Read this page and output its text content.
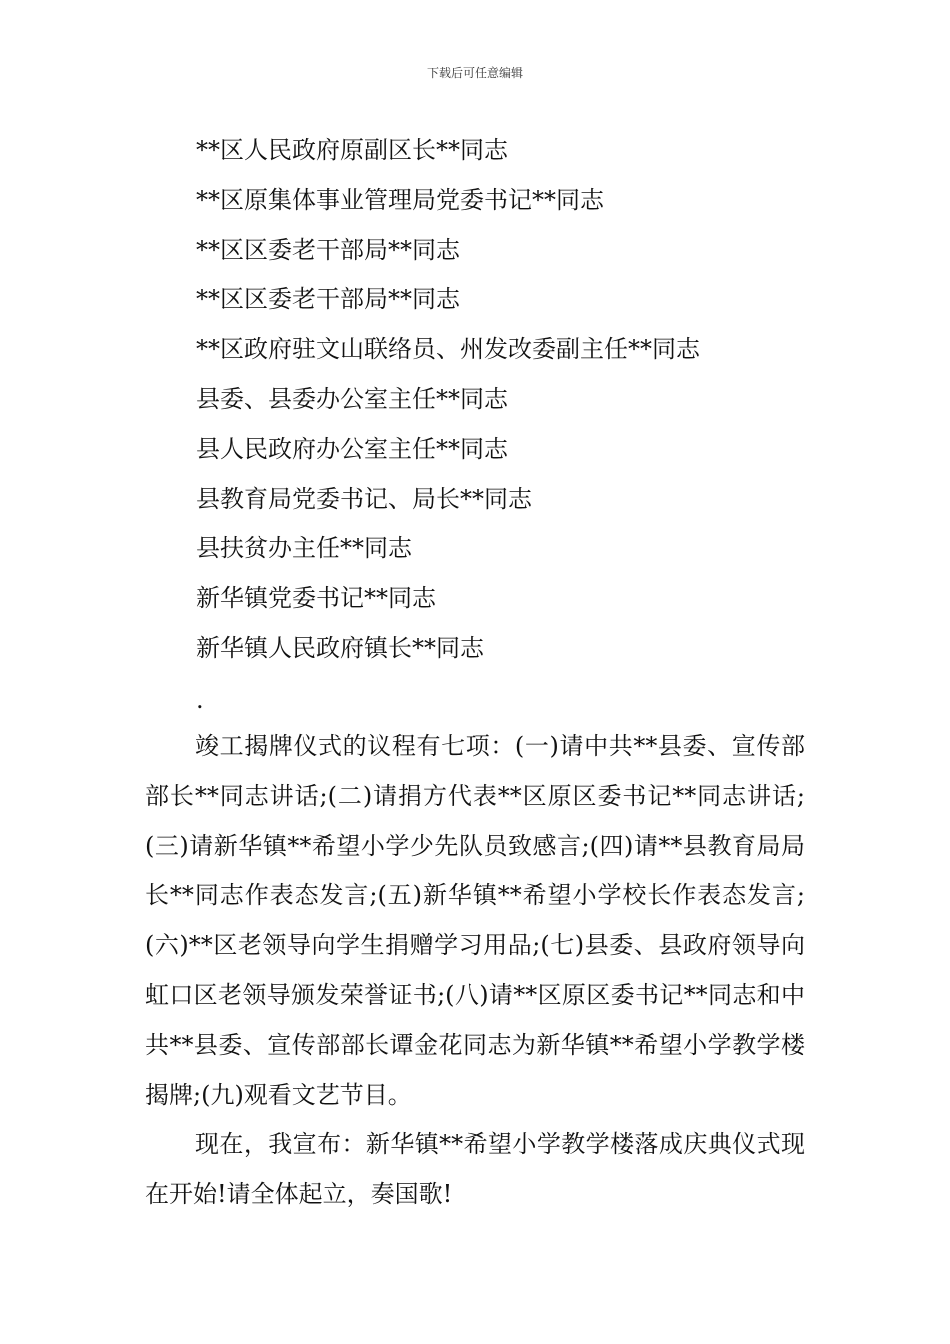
下载后可任意编辑
**区人民政府原副区长**同志
**区原集体事业管理局党委书记**同志
**区区委老干部局**同志
**区区委老干部局**同志
**区政府驻文山联络员、州发改委副主任**同志
县委、县委办公室主任**同志
县人民政府办公室主任**同志
县教育局党委书记、局长**同志
县扶贫办主任**同志
新华镇党委书记**同志
新华镇人民政府镇长**同志
.

竣工揭牌仪式的议程有七项：(一)请中共**县委、宣传部部长**同志讲话;(二)请捐方代表**区原区委书记**同志讲话;(三)请新华镇**希望小学少先队员致感言;(四)请**县教育局局长**同志作表态发言;(五)新华镇**希望小学校长作表态发言;(六)**区老领导向学生捐赠学习用品;(七)县委、县政府领导向虹口区老领导颁发荣誉证书;(八)请**区原区委书记**同志和中共**县委、宣传部部长谭金花同志为新华镇**希望小学教学楼揭牌;(九)观看文艺节目。

现在，我宣布：新华镇**希望小学教学楼落成庆典仪式现在开始!请全体起立，奏国歌!
